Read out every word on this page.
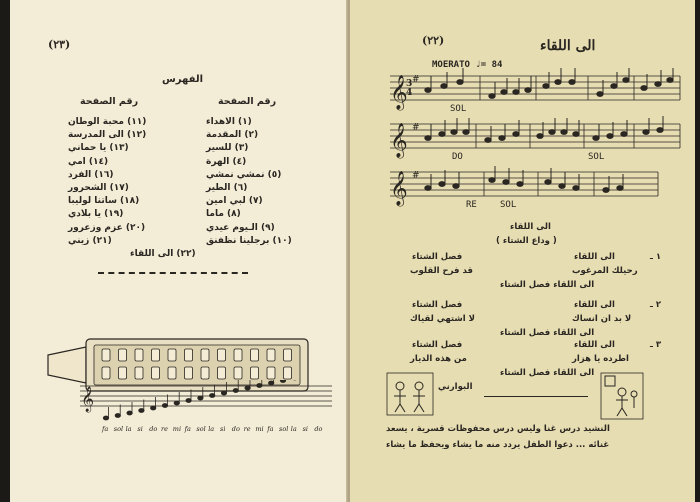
(٢٣)
الفهرس
رقم الصفحة
رقم الصفحة
(١) الاهداء
(٢) المقدمة
(٣) للسير
(٤) الهرة
(٥) نمشي نمشي
(٦) الطير
(٧) لبي امين
(٨) ماما
(٩) الـيوم عيدي
(١٠) برجلينا نظفنق
(١١) محبة الوطان
(١٢) الى المدرسة
(١٣) يا حماني
(١٤) امي
(١٦) الفرد
(١٧) الشحرور
(١٨) ساتنا لوليبا
(١٩) يا بلادي
(٢٠) عزم وزعرور
(٢١) زيني
(٢٢) الى اللقاء
𝄞
fa sol la si do re mi fa sol la si do re mi fa sol la si do
(٢٢)	الى اللقاء
MOERATO ♩= 84
𝄞 #
𝄞 #
𝄞 #
3
4
SOL
DO	SOL
RE	SOL
الى اللقاء
( وداع الشتاء )
١ ـ
الى اللقاء
فصل الشتاء
رحيلك المرغوب
قد فرح القلوب
الى اللقاء فصل الشتاء
٢ ـ
الى اللقاء
فصل الشتاء
لا بد ان انساك
لا اشتهي لقياك
الى اللقاء فصل الشتاء
٣ ـ
الى اللقاء
فصل الشتاء
اطرده يا هزار
من هذه الديار
الى اللقاء فصل الشتاء
البوارني
النشيد درس غنا وليس درس محفوظات قسرية ، يسعد
غنائه ... دعوا الطفل يردد منه ما يشاء ويحفظ ما يشاء
